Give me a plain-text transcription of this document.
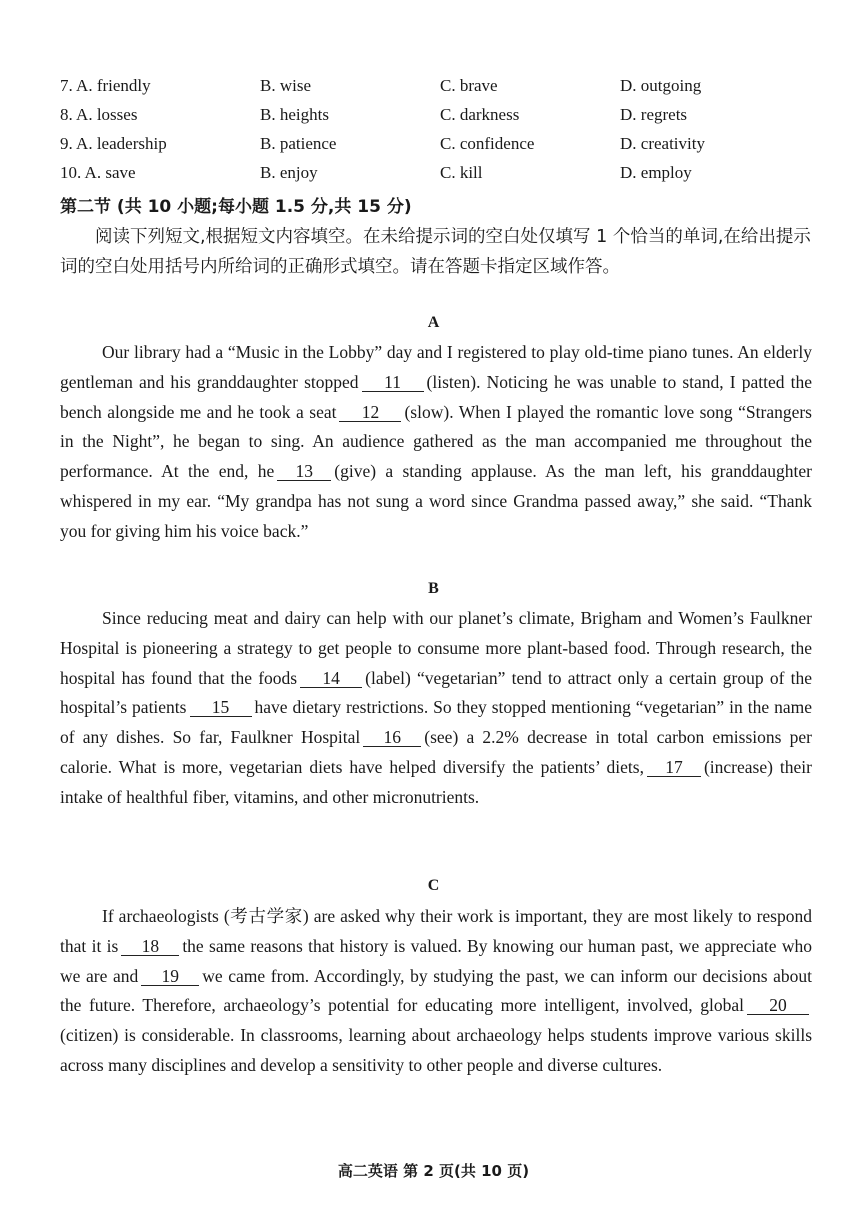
7. A. friendly	B. wise	C. brave	D. outgoing
8. A. losses	B. heights	C. darkness	D. regrets
9. A. leadership	B. patience	C. confidence	D. creativity
10. A. save	B. enjoy	C. kill	D. employ
第二节 (共 10 小题;每小题 1.5 分,共 15 分)
阅读下列短文,根据短文内容填空。在未给提示词的空白处仅填写 1 个恰当的单词,在给出提示词的空白处用括号内所给词的正确形式填空。请在答题卡指定区域作答。
A
Our library had a “Music in the Lobby” day and I registered to play old-time piano tunes. An elderly gentleman and his granddaughter stopped 11 (listen). Noticing he was unable to stand, I patted the bench alongside me and he took a seat 12 (slow). When I played the romantic love song “Strangers in the Night”, he began to sing. An audience gathered as the man accompanied me throughout the performance. At the end, he 13 (give) a standing applause. As the man left, his granddaughter whispered in my ear. “My grandpa has not sung a word since Grandma passed away,” she said. “Thank you for giving him his voice back.”
B
Since reducing meat and dairy can help with our planet’s climate, Brigham and Women’s Faulkner Hospital is pioneering a strategy to get people to consume more plant-based food. Through research, the hospital has found that the foods 14 (label) “vegetarian” tend to attract only a certain group of the hospital’s patients 15 have dietary restrictions. So they stopped mentioning “vegetarian” in the name of any dishes. So far, Faulkner Hospital 16 (see) a 2.2% decrease in total carbon emissions per calorie. What is more, vegetarian diets have helped diversify the patients’ diets, 17 (increase) their intake of healthful fiber, vitamins, and other micronutrients.
C
If archaeologists (考古学家) are asked why their work is important, they are most likely to respond that it is 18 the same reasons that history is valued. By knowing our human past, we appreciate who we are and 19 we came from. Accordingly, by studying the past, we can inform our decisions about the future. Therefore, archaeology’s potential for educating more intelligent, involved, global 20(citizen) is considerable. In classrooms, learning about archaeology helps students improve various skills across many disciplines and develop a sensitivity to other people and diverse cultures.
高二英语 第 2 页(共 10 页)
